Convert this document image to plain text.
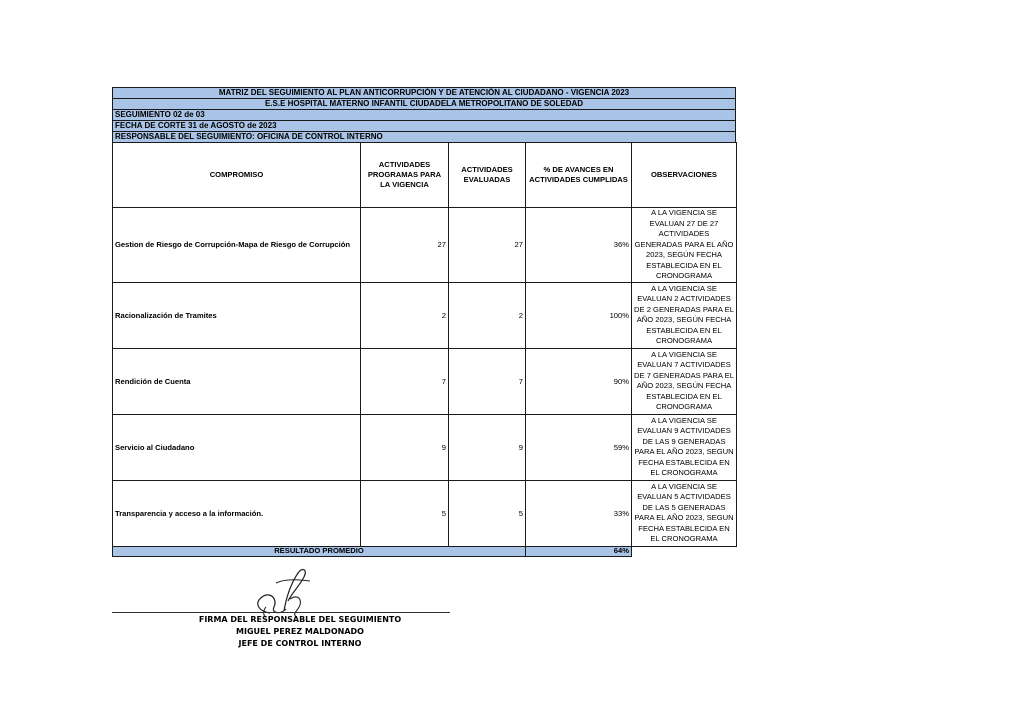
MATRIZ DEL SEGUIMIENTO AL PLAN ANTICORRUPCIÓN Y DE ATENCIÓN AL CIUDADANO - VIGENCIA 2023
E.S.E HOSPITAL MATERNO INFANTIL CIUDADELA METROPOLITANO DE SOLEDAD
SEGUIMIENTO 02 de 03
FECHA DE CORTE 31 de AGOSTO de 2023
RESPONSABLE DEL SEGUIMIENTO: OFICINA DE CONTROL INTERNO
COMPROMISO	ACTIVIDADES PROGRAMAS PARA LA VIGENCIA	ACTIVIDADES EVALUADAS	% DE AVANCES EN ACTIVIDADES CUMPLIDAS	OBSERVACIONES
Gestion de Riesgo de Corrupción-Mapa de Riesgo de Corrupción	27	27	36%	A LA VIGENCIA SE EVALUAN 27 DE 27 ACTIVIDADES GENERADAS PARA EL AÑO 2023, SEGÚN FECHA ESTABLECIDA EN EL CRONOGRAMA
Racionalización de Tramites	2	2	100%	A LA VIGENCIA SE EVALUAN 2 ACTIVIDADES DE 2 GENERADAS PARA EL AÑO 2023, SEGÚN FECHA ESTABLECIDA EN EL CRONOGRAMA
Rendición de Cuenta	7	7	90%	A LA VIGENCIA SE EVALUAN 7 ACTIVIDADES DE 7 GENERADAS PARA EL AÑO 2023, SEGÚN FECHA ESTABLECIDA EN EL CRONOGRAMA
Servicio al Ciudadano	9	9	59%	A LA VIGENCIA SE EVALUAN 9 ACTIVIDADES DE LAS 9 GENERADAS PARA EL AÑO 2023, SEGUN FECHA ESTABLECIDA EN EL CRONOGRAMA
Transparencia y acceso a la información.	5	5	33%	A LA VIGENCIA SE EVALUAN 5 ACTIVIDADES DE LAS 5 GENERADAS PARA EL AÑO 2023, SEGUN FECHA ESTABLECIDA EN EL CRONOGRAMA
RESULTADO PROMEDIO			64%	
FIRMA DEL RESPONSABLE DEL SEGUIMIENTO
MIGUEL PEREZ MALDONADO
JEFE DE CONTROL INTERNO
